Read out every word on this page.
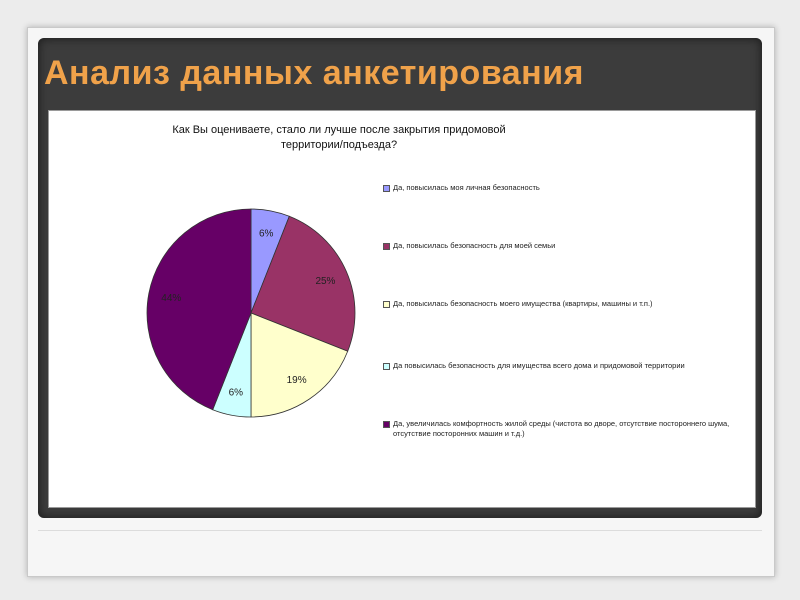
Анализ данных анкетирования
Как Вы оцениваете, стало ли лучше после закрытия придомовой
территории/подъезда?
6%
25%
19%
6%
44%
Да, повысилась моя личная безопасность
Да, повысилась безопасность для моей семьи
Да, повысилась безопасность моего имущества (квартиры, машины и т.п.)
Да повысилась безопасность для имущества всего дома и придомовой территории
Да, увеличилась комфортность жилой среды (чистота во дворе, отсутствие постороннего шума, отсутствие посторонних машин и т.д.)
